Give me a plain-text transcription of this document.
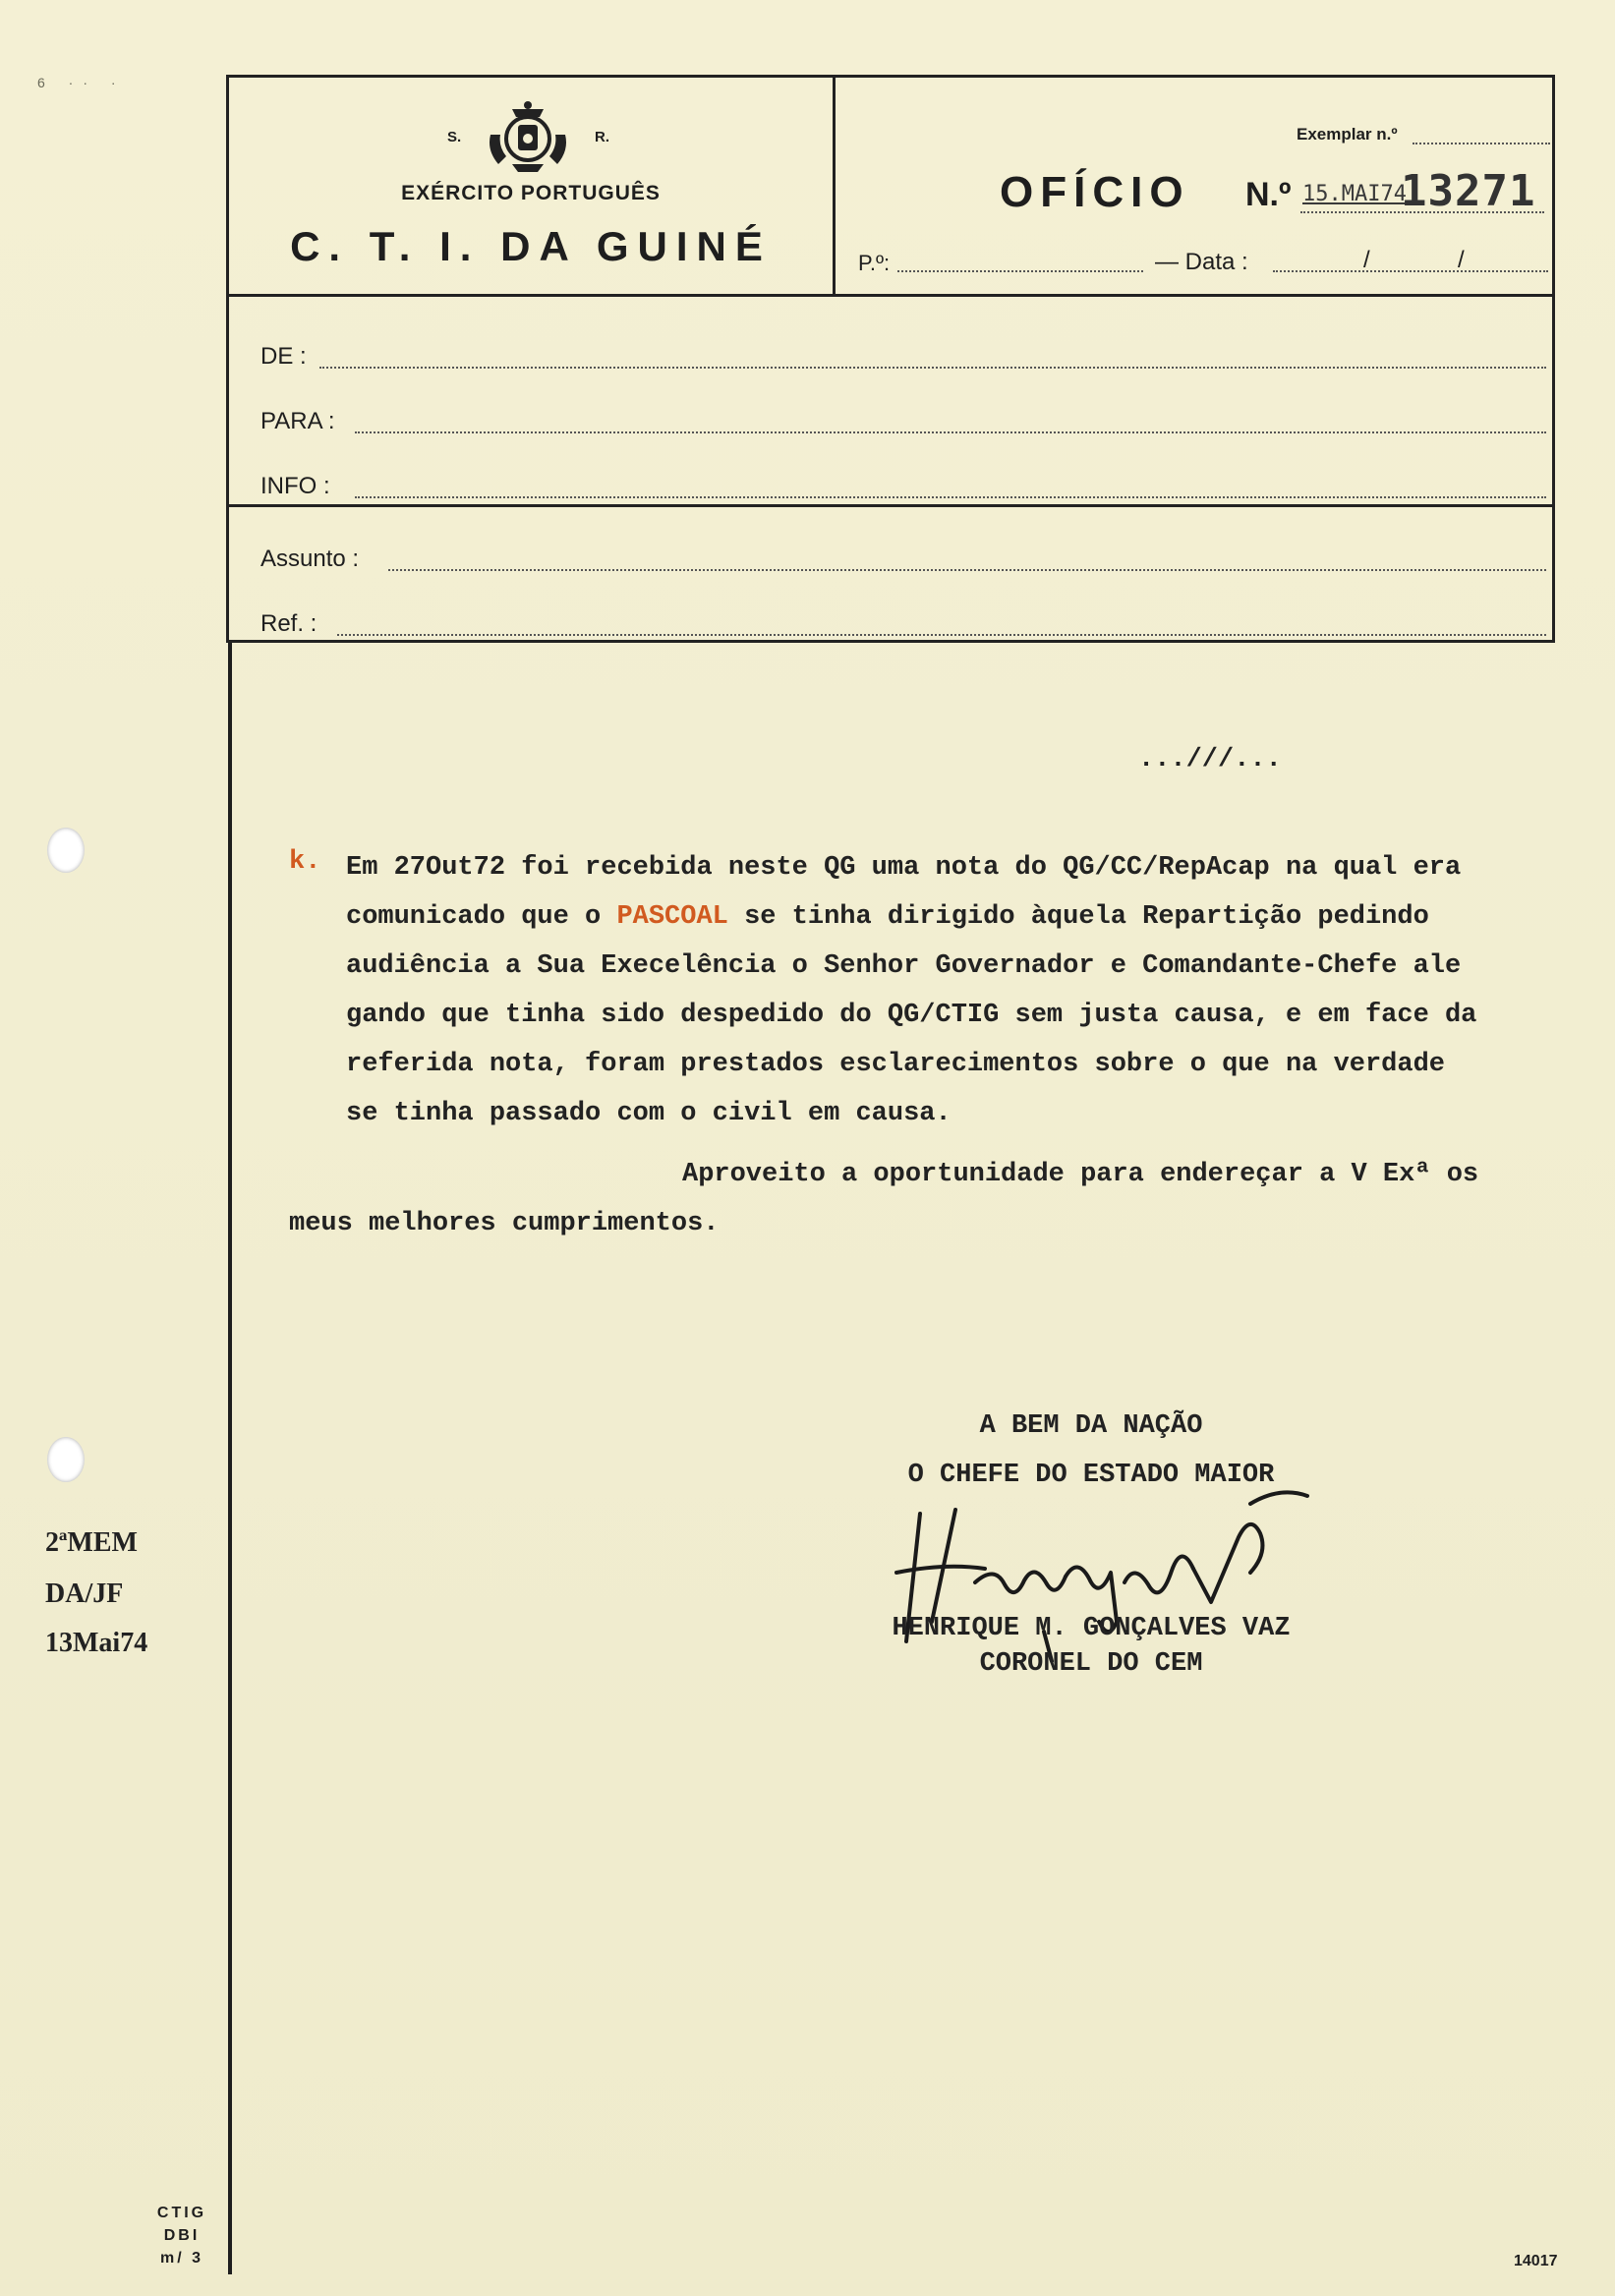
6 ·· ·
S.	R.
EXÉRCITO PORTUGUÊS
C. T. I. DA GUINÉ
Exemplar n.º
OFÍCIO N.º 15.MAI74
13271
P.º:	— Data :	/	/
DE :
PARA :
INFO :
Assunto :
Ref. :
...///...
k. Em 27Out72 foi recebida neste QG uma nota do QG/CC/RepAcap na qual era
comunicado que o PASCOAL se tinha dirigido àquela Repartição pedindo
audiência a Sua Execelência o Senhor Governador e Comandante-Chefe ale
gando que tinha sido despedido do QG/CTIG sem justa causa, e em face da
referida nota, foram prestados esclarecimentos sobre o que na verdade
se tinha passado com o civil em causa.
Aproveito a oportunidade para endereçar a V Exª os
meus melhores cumprimentos.
A BEM DA NAÇÃO
O CHEFE DO ESTADO MAIOR
HENRIQUE M. GONÇALVES VAZ
CORONEL DO CEM
2ªMEM
DA/JF
13Mai74
CTIG
DBI
m/ 3	14017
